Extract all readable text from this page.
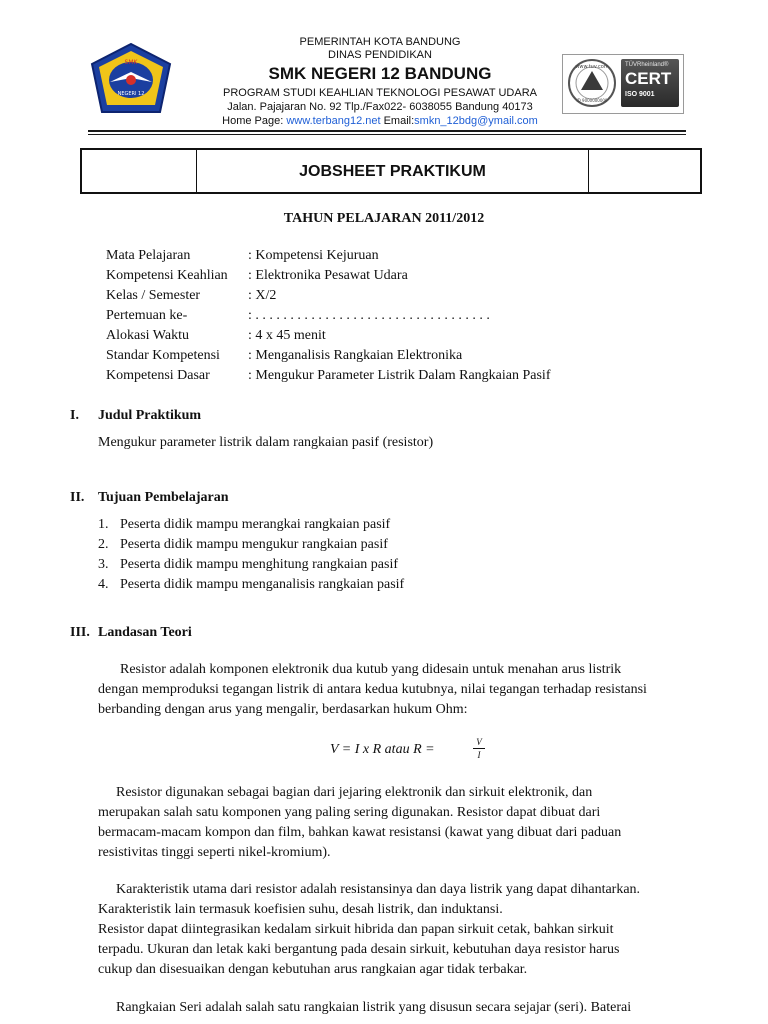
SMK
NEGERI 12
BANDUNG
PEMERINTAH KOTA BANDUNG
DINAS PENDIDIKAN
SMK NEGERI 12 BANDUNG
PROGRAM STUDI KEAHLIAN TEKNOLOGI PESAWAT UDARA
Jalan. Pajajaran No. 92 Tlp./Fax022- 6038055 Bandung 40173
Home Page: www.terbang12.net Email:smkn_12bdg@ymail.com
www.tuv.com
ID 9000000000
TÜVRheinland®
CERT
ISO 9001
JOBSHEET PRAKTIKUM
TAHUN PELAJARAN 2011/2012
Mata Pelajaran	: Kompetensi Kejuruan
Kompetensi Keahlian : Elektronika Pesawat Udara
Kelas / Semester	: X/2
Pertemuan ke-	: . . . . . . . . . . . . . . . . . . . . . . . . . . . . . . . . . .
Alokasi Waktu	: 4 x 45 menit
Standar Kompetensi : Menganalisis Rangkaian Elektronika
Kompetensi Dasar	: Mengukur Parameter Listrik Dalam Rangkaian Pasif
I. Judul Praktikum
Mengukur parameter listrik dalam rangkaian pasif (resistor)
II. Tujuan Pembelajaran
1. Peserta didik mampu merangkai rangkaian pasif
2. Peserta didik mampu mengukur rangkaian pasif
3. Peserta didik mampu menghitung rangkaian pasif
4. Peserta didik mampu menganalisis rangkaian pasif
III. Landasan Teori
Resistor adalah komponen elektronik dua kutub yang didesain untuk menahan arus listrik
dengan memproduksi tegangan listrik di antara kedua kutubnya, nilai tegangan terhadap resistansi
berbanding dengan arus yang mengalir, berdasarkan hukum Ohm:
V = I x R atau R =	V
I
Resistor digunakan sebagai bagian dari jejaring elektronik dan sirkuit elektronik, dan
merupakan salah satu komponen yang paling sering digunakan. Resistor dapat dibuat dari
bermacam-macam kompon dan film, bahkan kawat resistansi (kawat yang dibuat dari paduan
resistivitas tinggi seperti nikel-kromium).
Karakteristik utama dari resistor adalah resistansinya dan daya listrik yang dapat dihantarkan.
Karakteristik lain termasuk koefisien suhu, desah listrik, dan induktansi.
Resistor dapat diintegrasikan kedalam sirkuit hibrida dan papan sirkuit cetak, bahkan sirkuit
terpadu. Ukuran dan letak kaki bergantung pada desain sirkuit, kebutuhan daya resistor harus
cukup dan disesuaikan dengan kebutuhan arus rangkaian agar tidak terbakar.
Rangkaian Seri adalah salah satu rangkaian listrik yang disusun secara sejajar (seri). Baterai
